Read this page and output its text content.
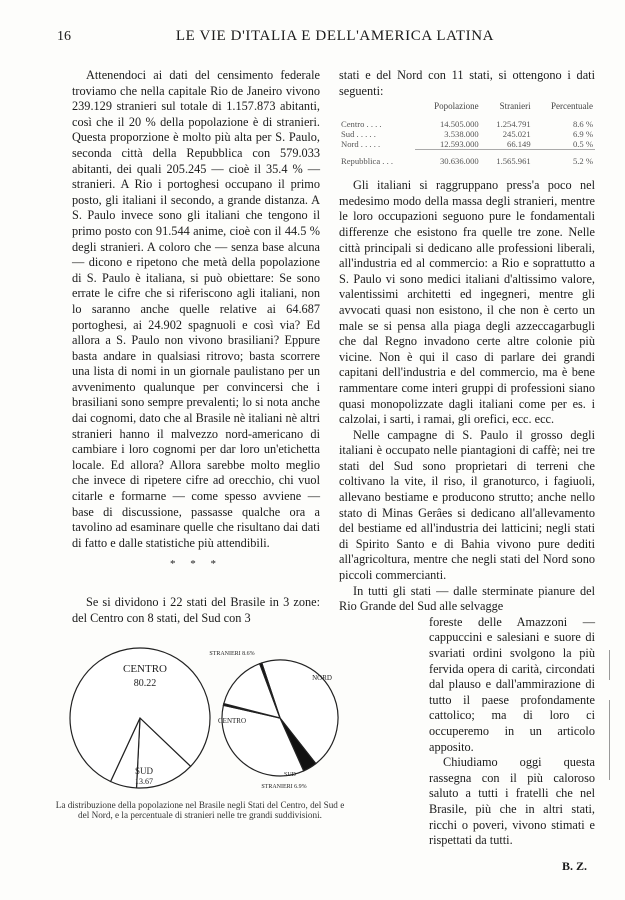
16	LE VIE D'ITALIA E DELL'AMERICA LATINA

Attenendoci ai dati del censimento federale troviamo che nella capitale Rio de Janeiro vivono 239.129 stranieri sul totale di 1.157.873 abitanti, così che il 20 % della popolazione è di stranieri. Questa proporzione è molto più alta per S. Paulo, seconda città della Repubblica con 579.033 abitanti, dei quali 205.245 — cioè il 35.4 % — stranieri. A Rio i portoghesi occupano il primo posto, gli italiani il secondo, a grande distanza. A S. Paulo invece sono gli italiani che tengono il primo posto con 91.544 anime, cioè con il 44.5 % degli stranieri. A coloro che — senza base alcuna — dicono e ripetono che metà della popolazione di S. Paulo è italiana, si può obiettare: Se sono errate le cifre che si riferiscono agli italiani, non lo saranno anche quelle relative ai 64.687 portoghesi, ai 24.902 spagnuoli e così via? Ed allora a S. Paulo non vivono brasiliani? Eppure basta andare in qualsiasi ritrovo; basta scorrere una lista di nomi in un giornale paulistano per un avvenimento qualunque per convincersi che i brasiliani sono sempre prevalenti; lo si nota anche dai cognomi, dato che al Brasile nè italiani nè altri stranieri hanno il malvezzo nord-americano di cambiare i loro cognomi per dar loro un'etichetta locale. Ed allora? Allora sarebbe molto meglio che invece di ripetere cifre ad orecchio, chi vuol citarle e formarne — come spesso avviene — base di discussione, passasse qualche ora a tavolino ad esaminare quelle che risultano dai dati di fatto e dalle statistiche più attendibili.

* * *

Se si dividono i 22 stati del Brasile in 3 zone: del Centro con 8 stati, del Sud con 3

stati e del Nord con 11 stati, si ottengono i dati seguenti:

	Popolazione	Stranieri	Percentuale
Centro . . . .	14.505.000	1.254.791	8.6 %
Sud . . . . .	3.538.000	245.021	6.9 %
Nord . . . . .	12.593.000	66.149	0.5 %
Repubblica . . .	30.636.000	1.565.961	5.2 %

Gli italiani si raggruppano press'a poco nel medesimo modo della massa degli stranieri, mentre le loro occupazioni seguono pure le fondamentali differenze che esistono fra quelle tre zone. Nelle città principali si dedicano alle professioni liberali, all'industria ed al commercio: a Rio e soprattutto a S. Paulo vi sono medici italiani d'altissimo valore, valentissimi architetti ed ingegneri, mentre gli avvocati quasi non esistono, il che non è certo un male se si pensa alla piaga degli azzeccagarbugli che dal Regno invadono certe altre colonie più vicine. Non è qui il caso di parlare dei grandi capitani dell'industria e del commercio, ma è bene rammentare come interi gruppi di professioni siano quasi monopolizzate dagli italiani come per es. i calzolai, i sarti, i ramai, gli orefici, ecc. ecc.

Nelle campagne di S. Paulo il grosso degli italiani è occupato nelle piantagioni di caffè; nei tre stati del Sud sono proprietari di terreni che coltivano la vite, il riso, il granoturco, i fagiuoli, allevano bestiame e producono strutto; anche nello stato di Minas Gerâes si dedicano all'allevamento del bestiame ed all'industria dei latticini; negli stati di Spirito Santo e di Bahia vivono pure dediti all'agricoltura, mentre che negli stati del Nord sono piccoli commercianti.

In tutti gli stati — dalle sterminate pianure del Rio Grande del Sud alle selvagge

foreste delle Amazzoni — cappuccini e salesiani e suore di svariati ordini svolgono la più fervida opera di carità, circondati dal plauso e dall'ammirazione di tutto il paese profondamente cattolico; ma di loro ci occuperemo in un articolo apposito.

Chiudiamo oggi questa rassegna con il più caloroso saluto a tutti i fratelli che nel Brasile, più che in altri stati, ricchi o poveri, vivono stimati e rispettati da tutti.

B. Z.

CENTRO
80.22
SUD
13.67
STRANIERI 8.6%
NORD
CENTRO
SUD
STRANIERI 6.9%
La distribuzione della popolazione nel Brasile negli Stati del Centro, del Sud e del Nord, e la percentuale di stranieri nelle tre grandi suddivisioni.
